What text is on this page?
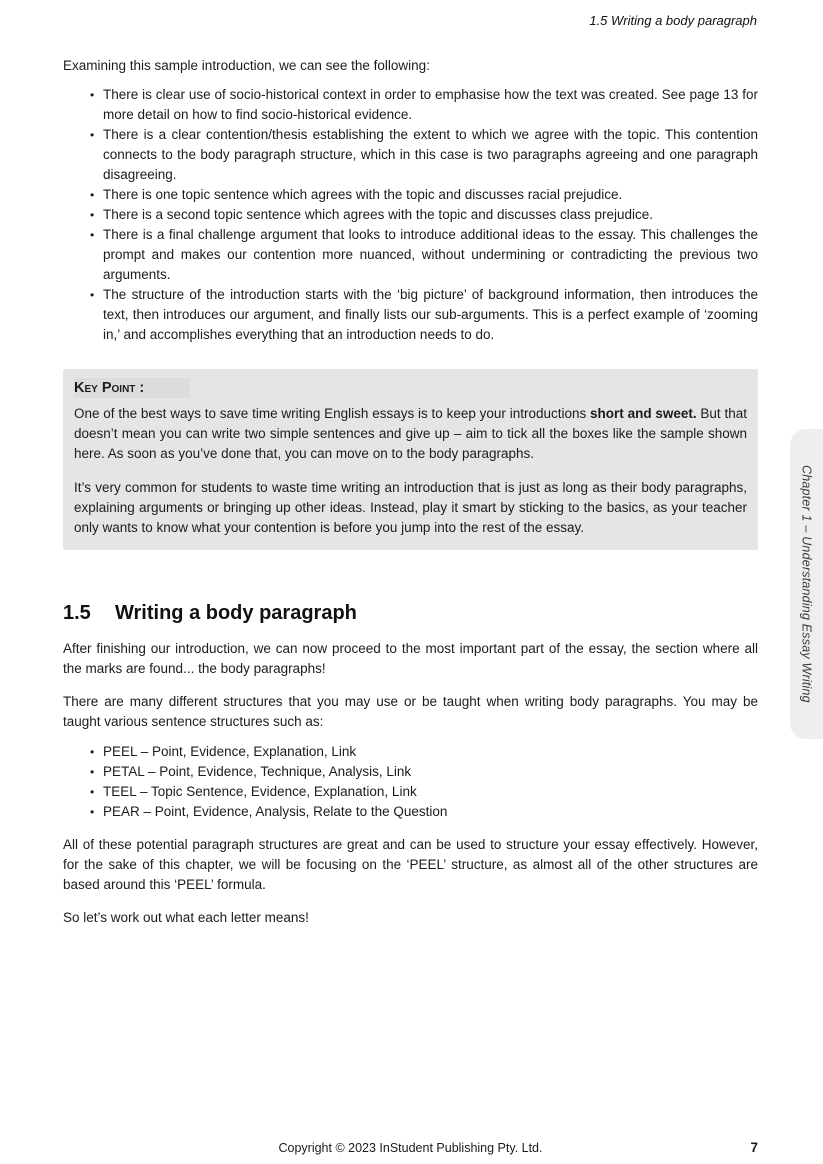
1.5 Writing a body paragraph

Examining this sample introduction, we can see the following:

• There is clear use of socio-historical context in order to emphasise how the text was created. See page 13 for more detail on how to find socio-historical evidence.
• There is a clear contention/thesis establishing the extent to which we agree with the topic. This contention connects to the body paragraph structure, which in this case is two paragraphs agreeing and one paragraph disagreeing.
• There is one topic sentence which agrees with the topic and discusses racial prejudice.
• There is a second topic sentence which agrees with the topic and discusses class prejudice.
• There is a final challenge argument that looks to introduce additional ideas to the essay. This challenges the prompt and makes our contention more nuanced, without undermining or contradicting the previous two arguments.
• The structure of the introduction starts with the ‘big picture’ of background information, then introduces the text, then introduces our argument, and finally lists our sub-arguments. This is a perfect example of ‘zooming in,’ and accomplishes everything that an introduction needs to do.
Key Point :

One of the best ways to save time writing English essays is to keep your introductions short and sweet. But that doesn’t mean you can write two simple sentences and give up – aim to tick all the boxes like the sample shown here. As soon as you’ve done that, you can move on to the body paragraphs.

It’s very common for students to waste time writing an introduction that is just as long as their body paragraphs, explaining arguments or bringing up other ideas. Instead, play it smart by sticking to the basics, as your teacher only wants to know what your contention is before you jump into the rest of the essay.

1.5 Writing a body paragraph

After finishing our introduction, we can now proceed to the most important part of the essay, the section where all the marks are found... the body paragraphs!

There are many different structures that you may use or be taught when writing body paragraphs. You may be taught various sentence structures such as:

• PEEL – Point, Evidence, Explanation, Link
• PETAL – Point, Evidence, Technique, Analysis, Link
• TEEL – Topic Sentence, Evidence, Explanation, Link
• PEAR – Point, Evidence, Analysis, Relate to the Question

All of these potential paragraph structures are great and can be used to structure your essay effectively. However, for the sake of this chapter, we will be focusing on the ‘PEEL’ structure, as almost all of the other structures are based around this ‘PEEL’ formula.

So let’s work out what each letter means!

Chapter 1 – Understanding Essay Writing
Copyright © 2023 InStudent Publishing Pty. Ltd.	7
